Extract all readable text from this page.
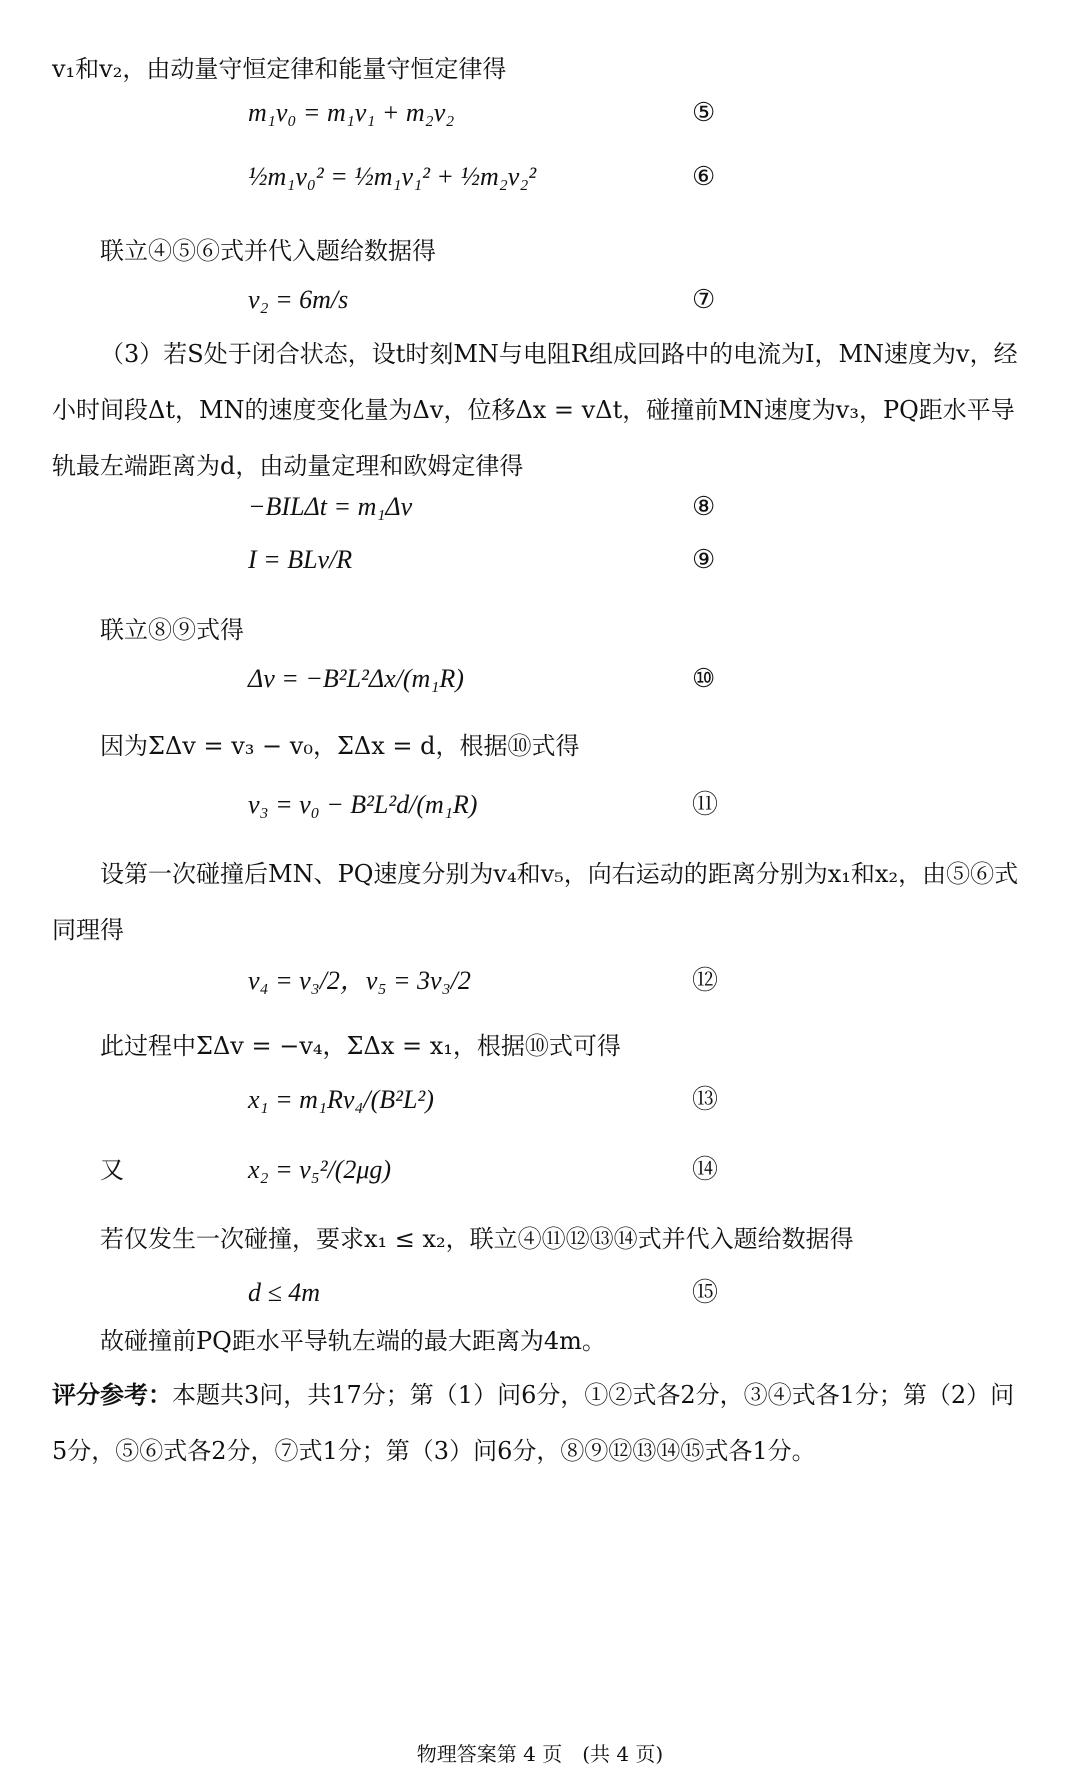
v₁和v₂，由动量守恒定律和能量守恒定律得
m₁v₀ = m₁v₁ + m₂v₂	⑤
½m₁v₀² = ½m₁v₁² + ½m₂v₂²	⑥
联立④⑤⑥式并代入题给数据得
v₂ = 6m/s	⑦
（3）若S处于闭合状态，设t时刻MN与电阻R组成回路中的电流为I，MN速度为v，经小时间段Δt，MN的速度变化量为Δv，位移Δx = vΔt，碰撞前MN速度为v₃，PQ距水平导轨最左端距离为d，由动量定理和欧姆定律得
−BILΔt = m₁Δv	⑧
I = BLv/R	⑨
联立⑧⑨式得
Δv = −B²L²Δx/(m₁R)	⑩
因为ΣΔv = v₃ − v₀，ΣΔx = d，根据⑩式得
v₃ = v₀ − B²L²d/(m₁R)	⑪
设第一次碰撞后MN、PQ速度分别为v₄和v₅，向右运动的距离分别为x₁和x₂，由⑤⑥式同理得
v₄ = v₃/2，v₅ = 3v₃/2	⑫
此过程中ΣΔv = −v₄，ΣΔx = x₁，根据⑩式可得
x₁ = m₁Rv₄/(B²L²)	⑬
又	x₂ = v₅²/(2μg)	⑭
若仅发生一次碰撞，要求x₁ ≤ x₂，联立④⑪⑫⑬⑭式并代入题给数据得
d ≤ 4m	⑮
故碰撞前PQ距水平导轨左端的最大距离为4m。
评分参考：本题共3问，共17分；第（1）问6分，①②式各2分，③④式各1分；第（2）问5分，⑤⑥式各2分，⑦式1分；第（3）问6分，⑧⑨⑫⑬⑭⑮式各1分。
物理答案第 4 页　(共 4 页)
